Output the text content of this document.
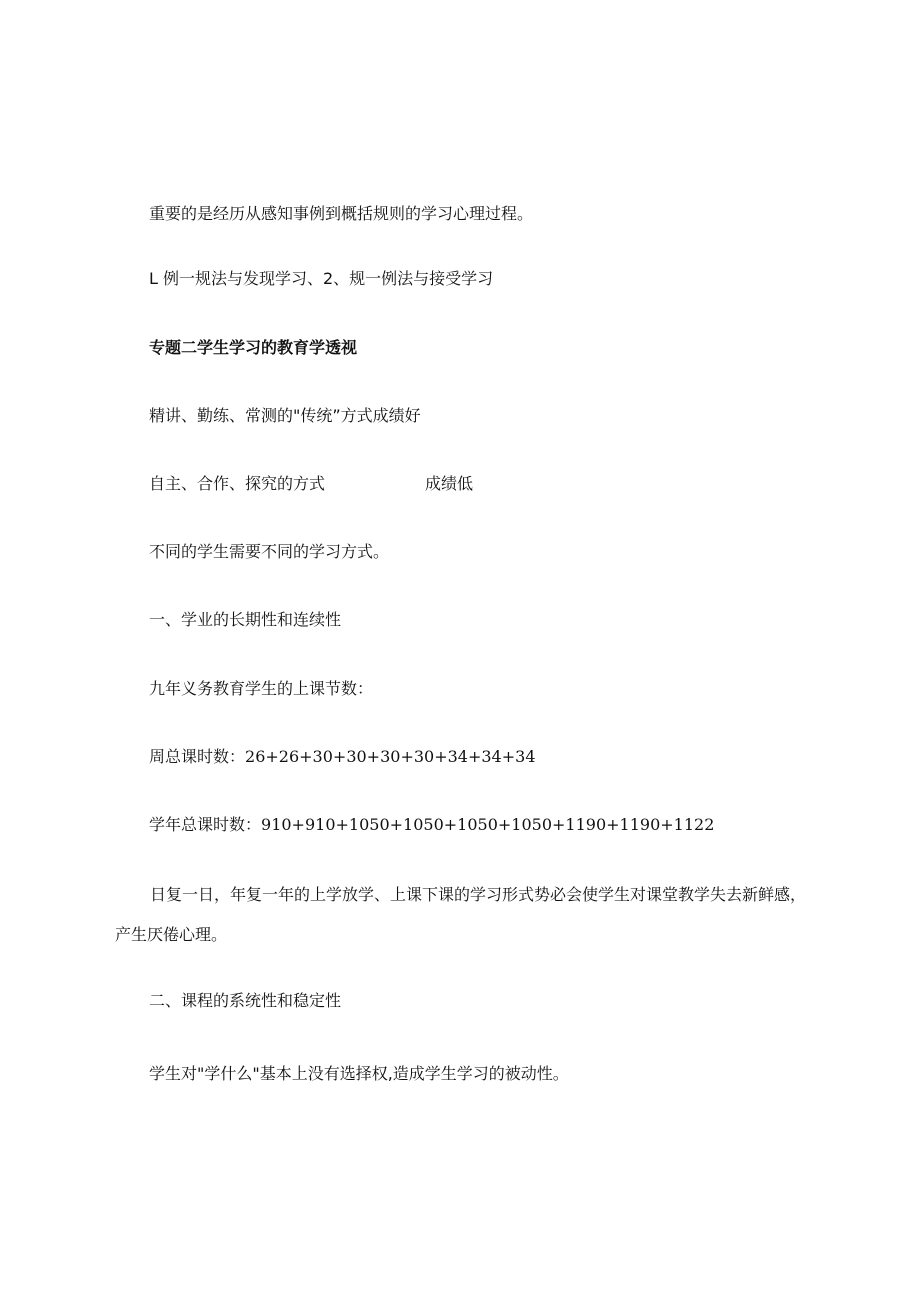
重要的是经历从感知事例到概括规则的学习心理过程。

L 例一规法与发现学习、2、规一例法与接受学习

专题二学生学习的教育学透视

精讲、勤练、常测的"传统”方式成绩好

自主、合作、探究的方式	成绩低

不同的学生需要不同的学习方式。

一、学业的长期性和连续性

九年义务教育学生的上课节数：

周总课时数：26+26+30+30+30+30+34+34+34

学年总课时数：910+910+1050+1050+1050+1050+1190+1190+1122

日复一日，年复一年的上学放学、上课下课的学习形式势必会使学生对课堂教学失去新鲜感，产生厌倦心理。

二、课程的系统性和稳定性

学生对"学什么"基本上没有选择权,造成学生学习的被动性。
